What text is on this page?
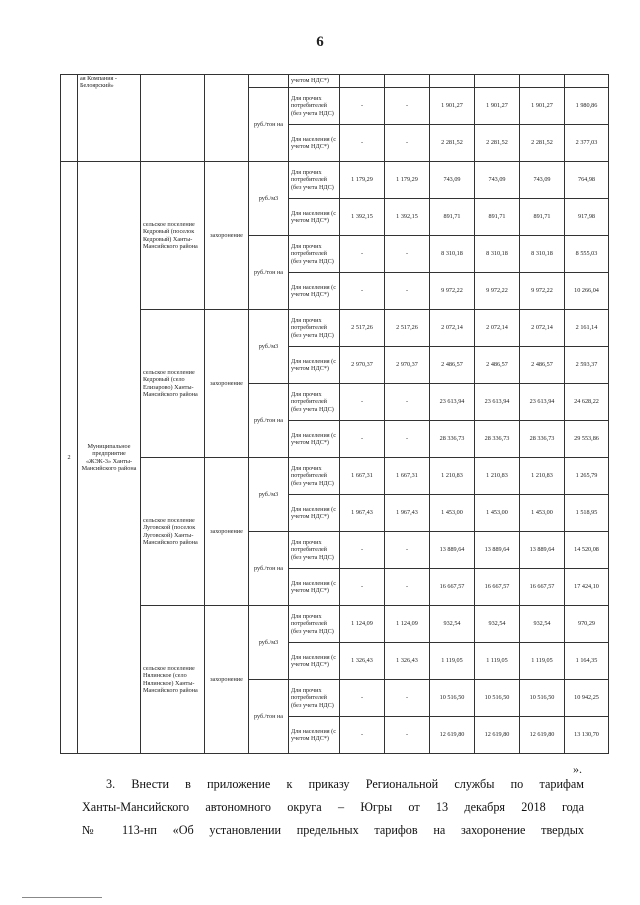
6
	ая Компания - Белоярский»				учетом НДС*)						
				руб./тон на	Для прочих потребителей (без учета НДС)	-	-	1 901,27	1 901,27	1 901,27	1 980,86
					Для населения (с учетом НДС*)	-	-	2 281,52	2 281,52	2 281,52	2 377,03
2	Муниципальное предприятие «ЖЭК-3» Ханты-Мансийского района	сельское поселение Кедровый (поселок Кедровый) Ханты-Мансийского района	захоронение	руб./м3	Для прочих потребителей (без учета НДС)	1 179,29	1 179,29	743,09	743,09	743,09	764,98
					Для населения (с учетом НДС*)	1 392,15	1 392,15	891,71	891,71	891,71	917,98
				руб./тон на	Для прочих потребителей (без учета НДС)	-	-	8 310,18	8 310,18	8 310,18	8 555,03
					Для населения (с учетом НДС*)	-	-	9 972,22	9 972,22	9 972,22	10 266,04
		сельское поселение Кедровый (село Елизарово) Ханты-Мансийского района	захоронение	руб./м3	Для прочих потребителей (без учета НДС)	2 517,26	2 517,26	2 072,14	2 072,14	2 072,14	2 161,14
					Для населения (с учетом НДС*)	2 970,37	2 970,37	2 486,57	2 486,57	2 486,57	2 593,37
				руб./тон на	Для прочих потребителей (без учета НДС)	-	-	23 613,94	23 613,94	23 613,94	24 628,22
					Для населения (с учетом НДС*)	-	-	28 336,73	28 336,73	28 336,73	29 553,86
		сельское поселение Луговской (поселок Луговской) Ханты-Мансийского района	захоронение	руб./м3	Для прочих потребителей (без учета НДС)	1 667,31	1 667,31	1 210,83	1 210,83	1 210,83	1 265,79
					Для населения (с учетом НДС*)	1 967,43	1 967,43	1 453,00	1 453,00	1 453,00	1 518,95
				руб./тон на	Для прочих потребителей (без учета НДС)	-	-	13 889,64	13 889,64	13 889,64	14 520,08
					Для населения (с учетом НДС*)	-	-	16 667,57	16 667,57	16 667,57	17 424,10
		сельское поселение Нялинское (село Нялинское) Ханты-Мансийского района	захоронение	руб./м3	Для прочих потребителей (без учета НДС)	1 124,09	1 124,09	932,54	932,54	932,54	970,29
					Для населения (с учетом НДС*)	1 326,43	1 326,43	1 119,05	1 119,05	1 119,05	1 164,35
				руб./тон на	Для прочих потребителей (без учета НДС)	-	-	10 516,50	10 516,50	10 516,50	10 942,25
					Для населения (с учетом НДС*)	-	-	12 619,80	12 619,80	12 619,80	13 130,70
».
3. Внести в приложение к приказу Региональной службы по тарифам
Ханты-Мансийского автономного округа – Югры от 13 декабря 2018 года
№ 113-нп «Об установлении предельных тарифов на захоронение твердых
